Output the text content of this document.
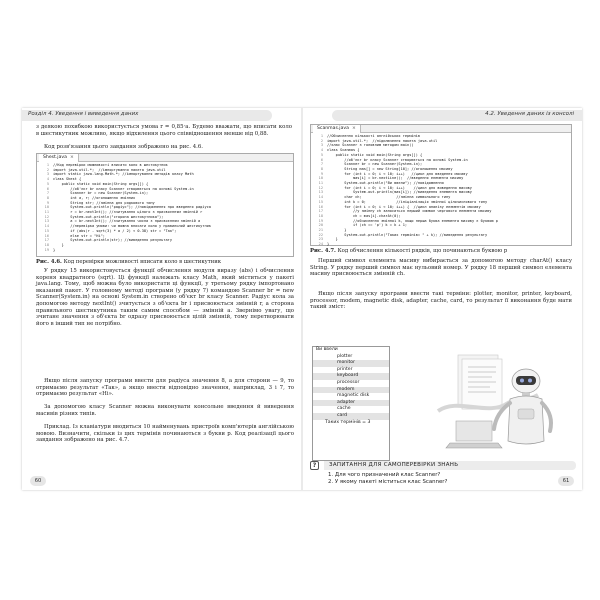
Розділ 4. Уведення і виведення даних
з деякою похибкою використується умова r = 0,85·a. Будемо вважати, що вписати коло в шестикутник можливо, якщо відхилення цього співвідношення менше від 0,88.
Код розв'язання цього завдання зображено на рис. 4.6.
Shest.java ×
1 //Код перевірки можливості вписати коло в шестикутник
2 import java.util.*;  //імпортування пакета java.util
3 import static java.lang.Math.*; //імпортування методів класу Math
4 class Shest {
5    public static void main(String args[]) {
6        //об'єкт br класу Scanner створюється на основі System.in
7        Scanner br = new Scanner(System.in);
8        int a, r; //оголошення змінних
9        String str; //змінна для рядкового типу
10        System.out.println("радіус"); //повідомлення про введення радіуса
11        r = br.nextInt(); //зчитування цілого з присвоєнням змінній r
12        System.out.println("сторона шестикутника");
13        a = br.nextInt(); //зчитування числа з присвоєнням змінній a
14        //перевірка умови: чи можна вписати коло у правильний шестикутник
15        if (abs(r - sqrt(3) * a / 2) < 0.38) str = "Так";
16        else str = "Ні";
17        System.out.println(str); //виведення результату
18    }
19 }
Рис. 4.6. Код перевірки можливості вписати коло в шестикутник
У рядку 15 використовується функції обчислення модуля виразу (abs) і обчислення кореня квадратного (sqrt). Ці функції належать класу Math, який міститься у пакеті java.lang. Тому, щоб можна було використати ці функції, у третьому рядку імпортовано вказаний пакет. У головному методі програми (у рядку 7) командою Scanner br = new Scanner(System.in) на основі System.in створено об'єкт br класу Scanner. Радіус кола за допомогою методу nextInt() зчитується з об'єкта br і присвоюється змінній r, а сторона правильного шестикутника таким самим способом — змінній a. Звернімо увагу, що зчитане значення з об'єкта br одразу присвоюється цілій змінній, тому перетворювати його в інший тип не потрібно.
Якщо після запуску програми ввести для радіуса значення 8, а для сторони — 9, то отримаємо результат «Так», а якщо ввести відповідно значення, наприклад, 3 і 7, то отримаємо результат «Ні».
За допомогою класу Scanner можна виконувати консольне введення й виведення масивів різних типів.
Приклад. Із клавіатури вводиться 10 найменувань пристроїв комп'ютерів англійською мовою. Визначити, скільки із цих термінів починаються з букви p. Код реалізації цього завдання зображено на рис. 4.7.
60
4.2. Уведення даних із консолі
Scanmas.java ×
1 //Обчислення кількості англійських термінів
2 import java.util.*;  //підключення пакета java.util
3 //клас Scanner з головним методом main()
4 class Scanmas {
5    public static void main(String args[]) {
6        //об'єкт br класу Scanner створюється на основі System.in
7        Scanner br = new Scanner(System.in);
8        String mas[] = new String[10]; //оголошення масиву
9        for (int i = 0; i < 10; i++)   //цикл для введення масиву
10            mas[i] = br.nextLine();  //введення елемента масиву
11        System.out.println("Ви ввели"); //повідомлення
12        for (int i = 0; i < 10; i++)    //цикл для виведення масиву
13            System.out.println(mas[i]); //виведення елемента масиву
14        char ch;                //змінна символьного типу
15        int k = 0;              //ініціалізація змінної цілочислового типу
16        for (int i = 0; i < 10; i++) {  //цикл аналізу елементів масиву
17            //у змінну ch заноситься перший символ чергового елемента масиву
18            ch = mas[i].charAt(0);
19            //обчислення змінної k, якщо перша буква елемента масиву є буквою p
20            if (ch == 'p') k = k + 1;
21        }
22        System.out.println("Таких термінів= " + k); //виведення результату
23    }
24 }
Рис. 4.7. Код обчислення кількості рядків, що починаються буквою p
Перший символ елемента масиву вибирається за допомогою методу charAt() класу String. У рядку перший символ має нульовий номер. У рядку 18 перший символ елемента масиву присвоюється змінній ch.
Якщо після запуску програми ввести такі терміни: plotter, monitor, printer, keyboard, processor, modem, magnetic disk, adapter, cache, card, то результат її виконання буде мати такий зміст:
Ви ввели
plotter
monitor
printer
keyboard
processor
modem
magnetic disk
adapter
cache
card
Таких термінів = 3
?	ЗАПИТАННЯ ДЛЯ САМОПЕРЕВІРКИ ЗНАНЬ
1. Для чого призначений клас Scanner?
2. У якому пакеті міститься клас Scanner?	61
